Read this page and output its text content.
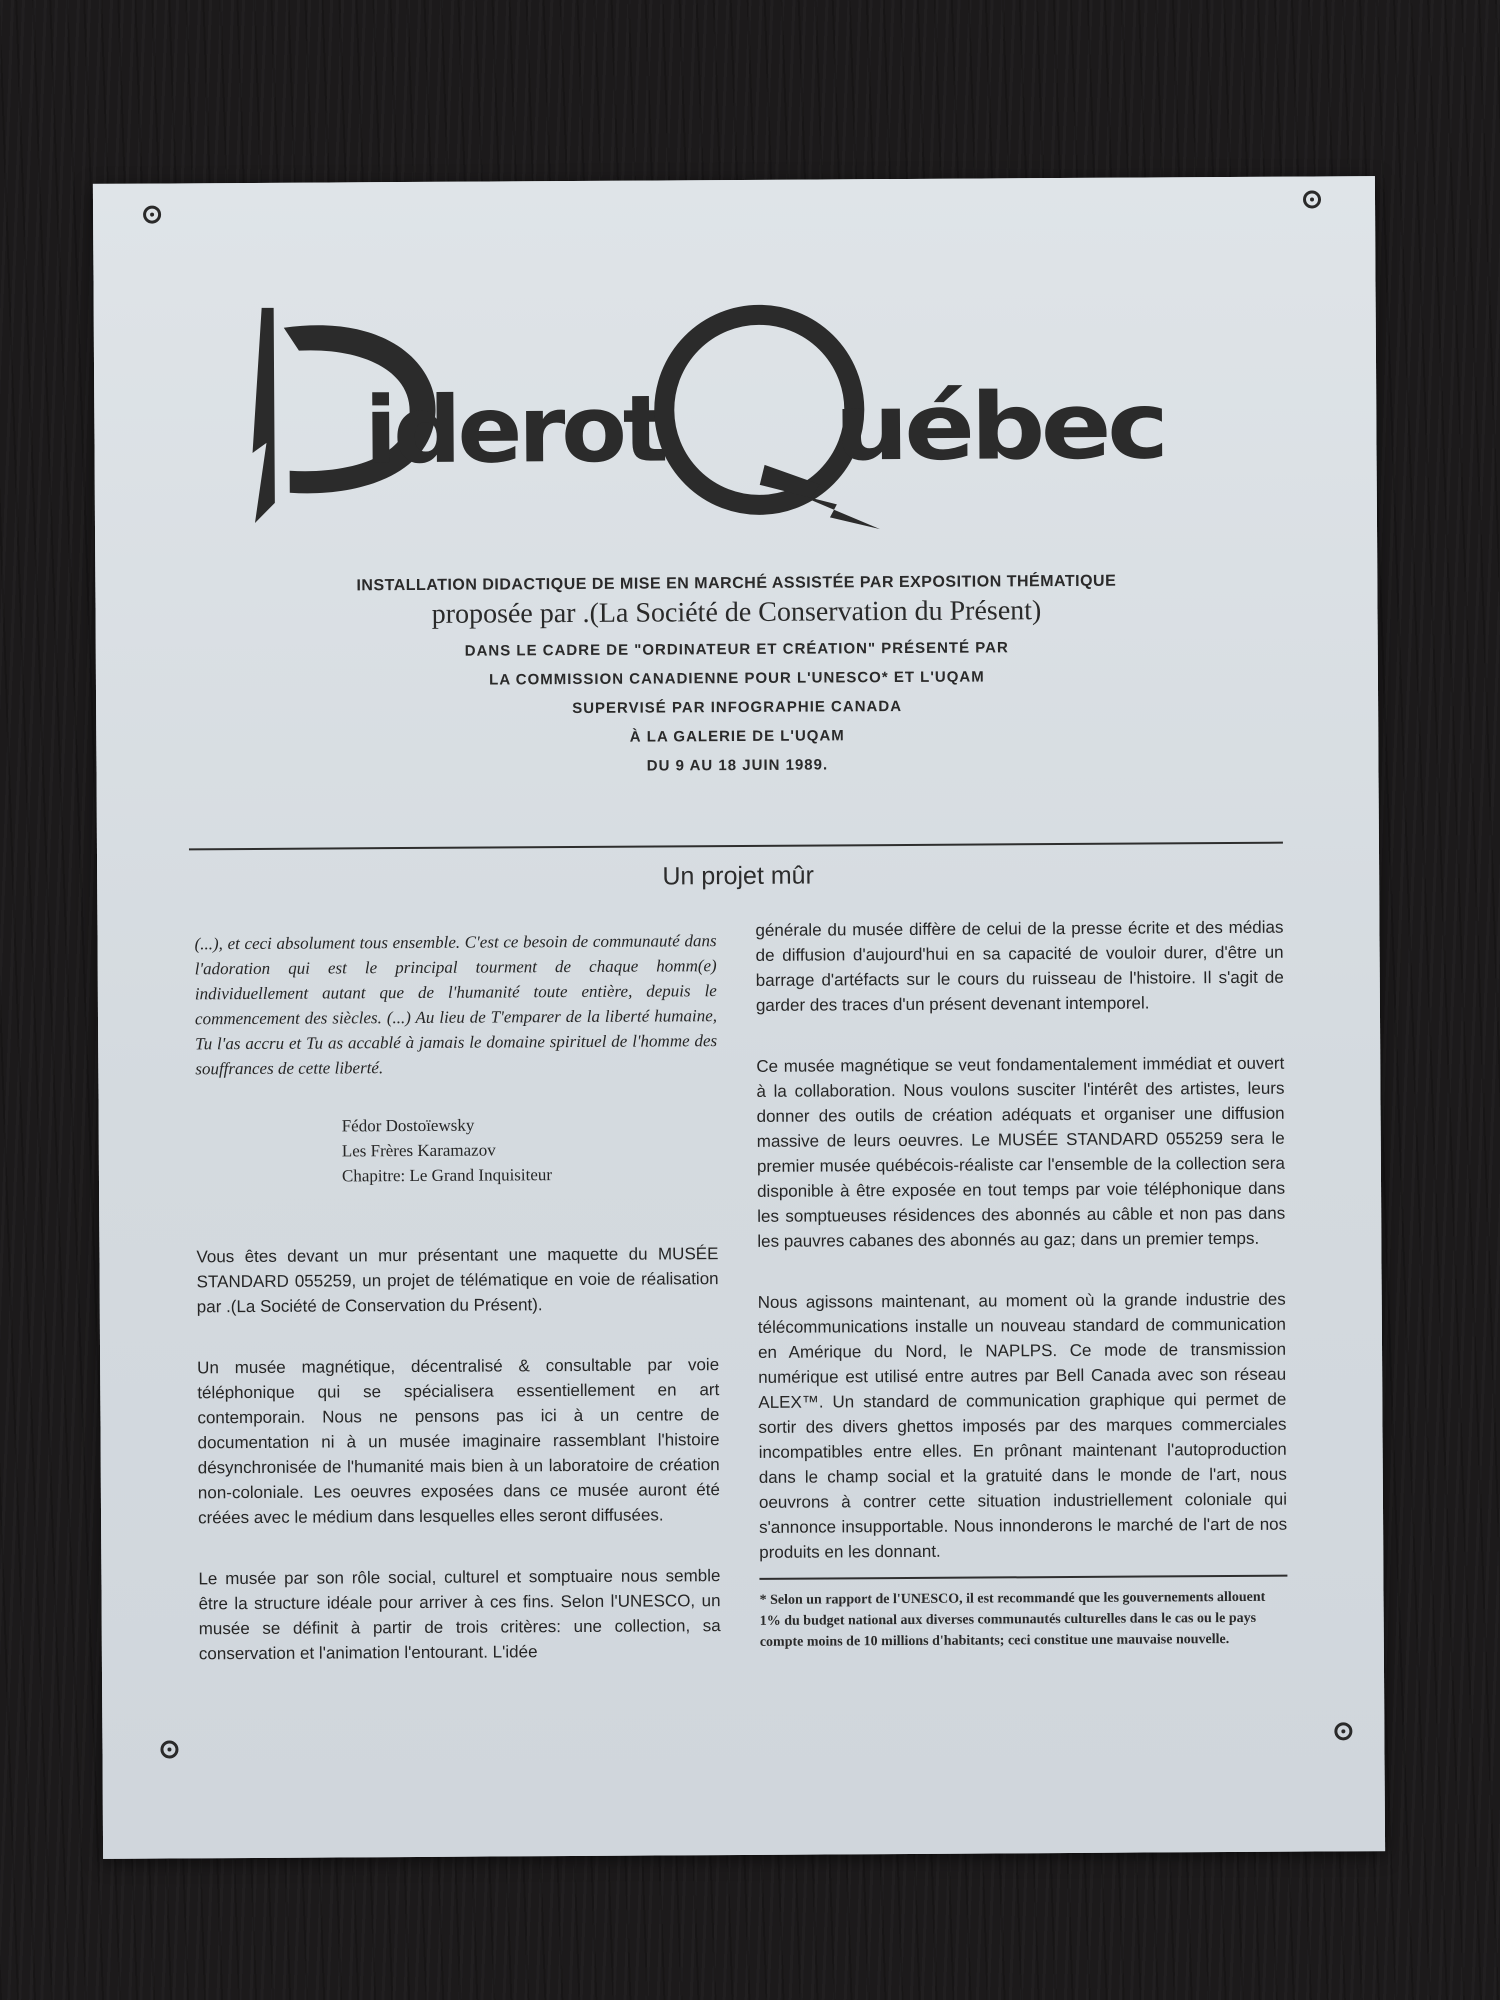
iderot uébec
INSTALLATION DIDACTIQUE DE MISE EN MARCHÉ ASSISTÉE PAR EXPOSITION THÉMATIQUE
proposée par .(La Société de Conservation du Présent)
DANS LE CADRE DE "ORDINATEUR ET CRÉATION" PRÉSENTÉ PAR
LA COMMISSION CANADIENNE POUR L'UNESCO* ET L'UQAM
SUPERVISÉ PAR INFOGRAPHIE CANADA
À LA GALERIE DE L'UQAM
DU 9 AU 18 JUIN 1989.
Un projet mûr

(...), et ceci absolument tous ensemble. C'est ce besoin de communauté dans l'adoration qui est le principal tourment de chaque homm(e) individuellement autant que de l'humanité toute entière, depuis le commencement des siècles. (...) Au lieu de T'emparer de la liberté humaine, Tu l'as accru et Tu as accablé à jamais le domaine spirituel de l'homme des souffrances de cette liberté.

Fédor Dostoïewsky

Les Frères Karamazov

Chapitre: Le Grand Inquisiteur

Vous êtes devant un mur présentant une maquette du MUSÉE STANDARD 055259, un projet de télématique en voie de réalisation par .(La Société de Conservation du Présent).

Un musée magnétique, décentralisé & consultable par voie téléphonique qui se spécialisera essentiellement en art contemporain. Nous ne pensons pas ici à un centre de documentation ni à un musée imaginaire rassemblant l'histoire désynchronisée de l'humanité mais bien à un laboratoire de création non-coloniale. Les oeuvres exposées dans ce musée auront été créées avec le médium dans lesquelles elles seront diffusées.

Le musée par son rôle social, culturel et somptuaire nous semble être la structure idéale pour arriver à ces fins. Selon l'UNESCO, un musée se définit à partir de trois critères: une collection, sa conservation et l'animation l'entourant. L'idée

générale du musée diffère de celui de la presse écrite et des médias de diffusion d'aujourd'hui en sa capacité de vouloir durer, d'être un barrage d'artéfacts sur le cours du ruisseau de l'histoire. Il s'agit de garder des traces d'un présent devenant intemporel.

Ce musée magnétique se veut fondamentalement immédiat et ouvert à la collaboration. Nous voulons susciter l'intérêt des artistes, leurs donner des outils de création adéquats et organiser une diffusion massive de leurs oeuvres. Le MUSÉE STANDARD 055259 sera le premier musée québécois-réaliste car l'ensemble de la collection sera disponible à être exposée en tout temps par voie téléphonique dans les somptueuses résidences des abonnés au câble et non pas dans les pauvres cabanes des abonnés au gaz; dans un premier temps.

Nous agissons maintenant, au moment où la grande industrie des télécommunications installe un nouveau standard de communication en Amérique du Nord, le NAPLPS. Ce mode de transmission numérique est utilisé entre autres par Bell Canada avec son réseau ALEX™. Un standard de communication graphique qui permet de sortir des divers ghettos imposés par des marques commerciales incompatibles entre elles. En prônant maintenant l'autoproduction dans le champ social et la gratuité dans le monde de l'art, nous oeuvrons à contrer cette situation industriellement coloniale qui s'annonce insupportable. Nous innonderons le marché de l'art de nos produits en les donnant.

* Selon un rapport de l'UNESCO, il est recommandé que les gouvernements allouent 1% du budget national aux diverses communautés culturelles dans le cas ou le pays compte moins de 10 millions d'habitants; ceci constitue une mauvaise nouvelle.
